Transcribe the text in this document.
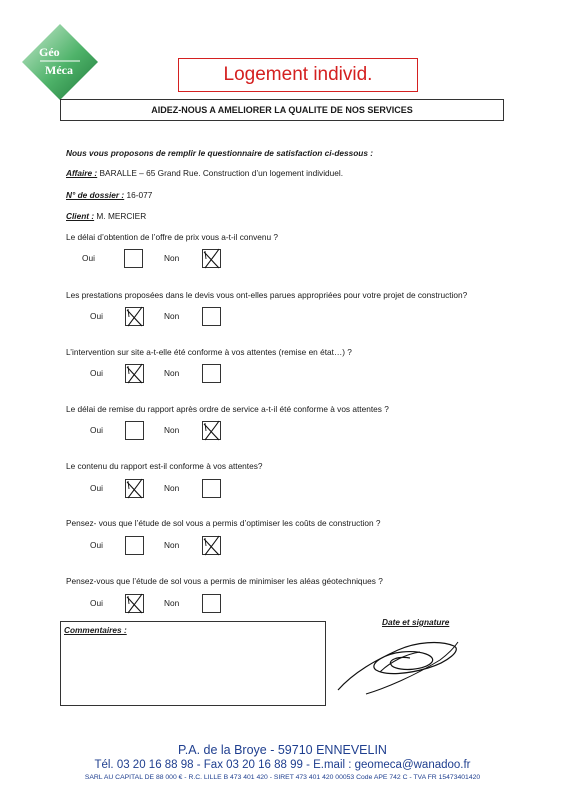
Géo
Méca	Logement individ.
AIDEZ-NOUS A AMELIORER LA QUALITE DE NOS SERVICES
Nous vous proposons de remplir le questionnaire de satisfaction ci-dessous :
Affaire : BARALLE – 65 Grand Rue. Construction d’un logement individuel.
N° de dossier : 16-077
Client : M. MERCIER
Le délai d’obtention de l’offre de prix vous a-t-il convenu ?
Oui	Non
Les prestations proposées dans le devis vous ont-elles parues appropriées pour votre projet de construction?
Oui	Non
L’intervention sur site a-t-elle été conforme à vos attentes (remise en état…) ?
Oui	Non
Le délai de remise du rapport après ordre de service a-t-il été conforme à vos attentes ?
Oui	Non
Le contenu du rapport est-il conforme à vos attentes?
Oui	Non
Pensez- vous que l’étude de sol vous a permis d’optimiser les coûts de construction ?
Oui	Non
Pensez-vous que l’étude de sol vous a permis de minimiser les aléas géotechniques ?
Oui	Non
Commentaires :
Date et signature
P.A. de la Broye - 59710 ENNEVELIN
Tél. 03 20 16 88 98 - Fax 03 20 16 88 99 - E.mail : geomeca@wanadoo.fr
SARL AU CAPITAL DE 88 000 € - R.C. LILLE B 473 401 420 - SIRET 473 401 420 00053 Code APE 742 C - TVA FR 15473401420
